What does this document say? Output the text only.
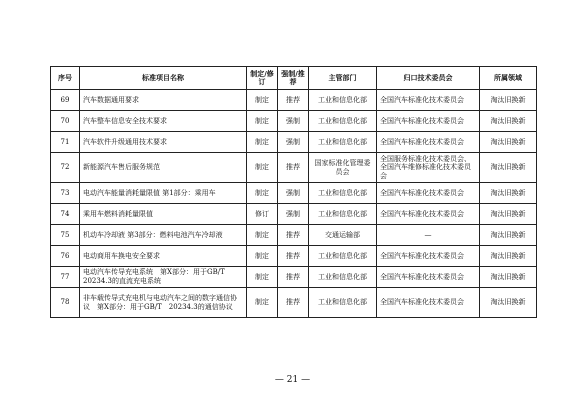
序号	标准项目名称	制定/修订	强制/推荐	主管部门	归口技术委员会	所属领域
69	汽车数据通用要求	制定	推荐	工业和信息化部	全国汽车标准化技术委员会	淘汰旧换新
70	汽车整车信息安全技术要求	制定	强制	工业和信息化部	全国汽车标准化技术委员会	淘汰旧换新
71	汽车软件升级通用技术要求	制定	强制	工业和信息化部	全国汽车标准化技术委员会	淘汰旧换新
72	新能源汽车售后服务规范	制定	推荐	国家标准化管理委员会	全国服务标准化技术委员会、全国汽车维修标准化技术委员会	淘汰旧换新
73	电动汽车能量消耗量限值 第1部分：乘用车	制定	强制	工业和信息化部	全国汽车标准化技术委员会	淘汰旧换新
74	乘用车燃料消耗量限值	修订	强制	工业和信息化部	全国汽车标准化技术委员会	淘汰旧换新
75	机动车冷却液 第3部分：燃料电池汽车冷却液	制定	推荐	交通运输部	—	淘汰旧换新
76	电动商用车换电安全要求	制定	推荐	工业和信息化部	全国汽车标准化技术委员会	淘汰旧换新
77	电动汽车传导充电系统　第X部分：用于GB/T　20234.3的直流充电系统	制定	推荐	工业和信息化部	全国汽车标准化技术委员会	淘汰旧换新
78	非车载传导式充电机与电动汽车之间的数字通信协议　第X部分：用于GB/T　20234.3的通信协议	制定	推荐	工业和信息化部	全国汽车标准化技术委员会	淘汰旧换新
— 21 —
